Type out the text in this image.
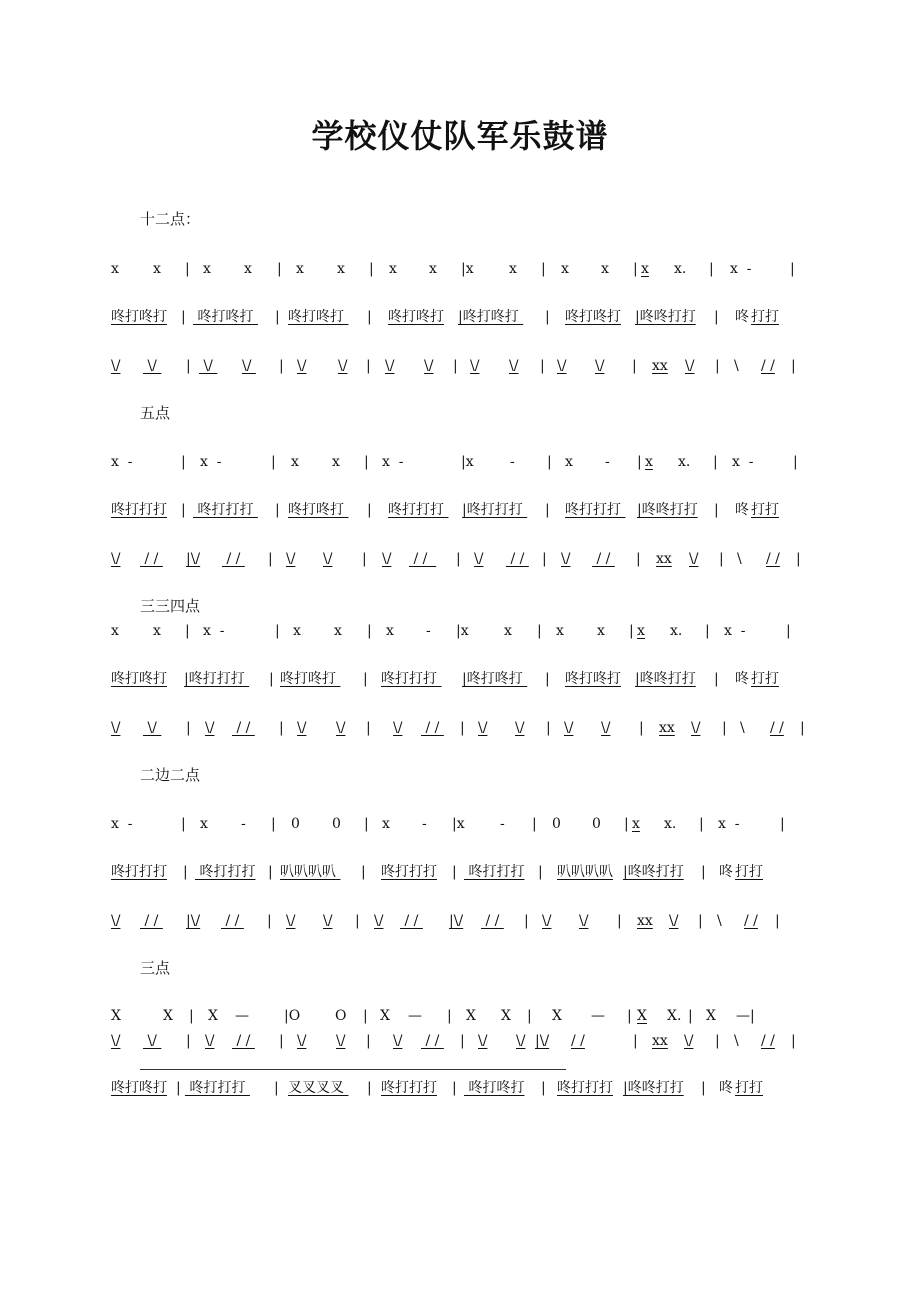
学校仪仗队军乐鼓谱
十二点：
x x | x x | x x | x x |x	x | x x | x x. | x  -	|
咚打咚打 | 咚打咚打 | 咚打咚打 | 咚打咚打 |咚打咚打 | 咚打咚打 |咚咚打打 | 咚 打打
\/ \/ | \/ \/ | \/ \/ | \/ \/ | \/ \/ | \/ \/ | xx \/ | \ / / |
五点
x  -	| x  -	| x x | x  -	|x	- | x - | x x. | x  -	|
咚打打打 | 咚打打打 | 咚打咚打 | 咚打打打 |咚打打打 | 咚打打打 |咚咚打打 | 咚 打打
\/ / / |\/ / / | \/ \/ | \/ / / | \/ / / | \/ / / | xx \/ | \ / / |
三三四点
x x | x  -	| x x | x - |x	x | x x | x x. | x  -	|
咚打咚打 |咚打打打 | 咚打咚打 | 咚打打打 |咚打咚打 | 咚打咚打 |咚咚打打 | 咚 打打
\/ \/ | \/ / / | \/ \/ | \/ / / | \/ \/ | \/ \/ | xx \/ | \ / / |
二边二点
x  -	| x - | 0 0 | x - |x	- | 0 0 | x x. | x  -	|
咚打打打 | 咚打打打 | 叭叭叭叭 | 咚打打打 | 咚打打打 | 叭叭叭叭 |咚咚打打 | 咚 打打
\/ / / |\/ / / | \/ \/ | \/ / / |\/ / / | \/ \/ | xx \/ | \ / / |
三点
X	X | X —	|O O | X — | X X | X — | X X. | X —|
\/ \/ | \/ / / | \/ \/ | \/ / / | \/ \/ |\/ / /	| xx \/ | \ / / |
咚打咚打 | 咚打打打 | 叉叉叉叉 | 咚打打打 | 咚打咚打 | 咚打打打 |咚咚打打 | 咚 打打
